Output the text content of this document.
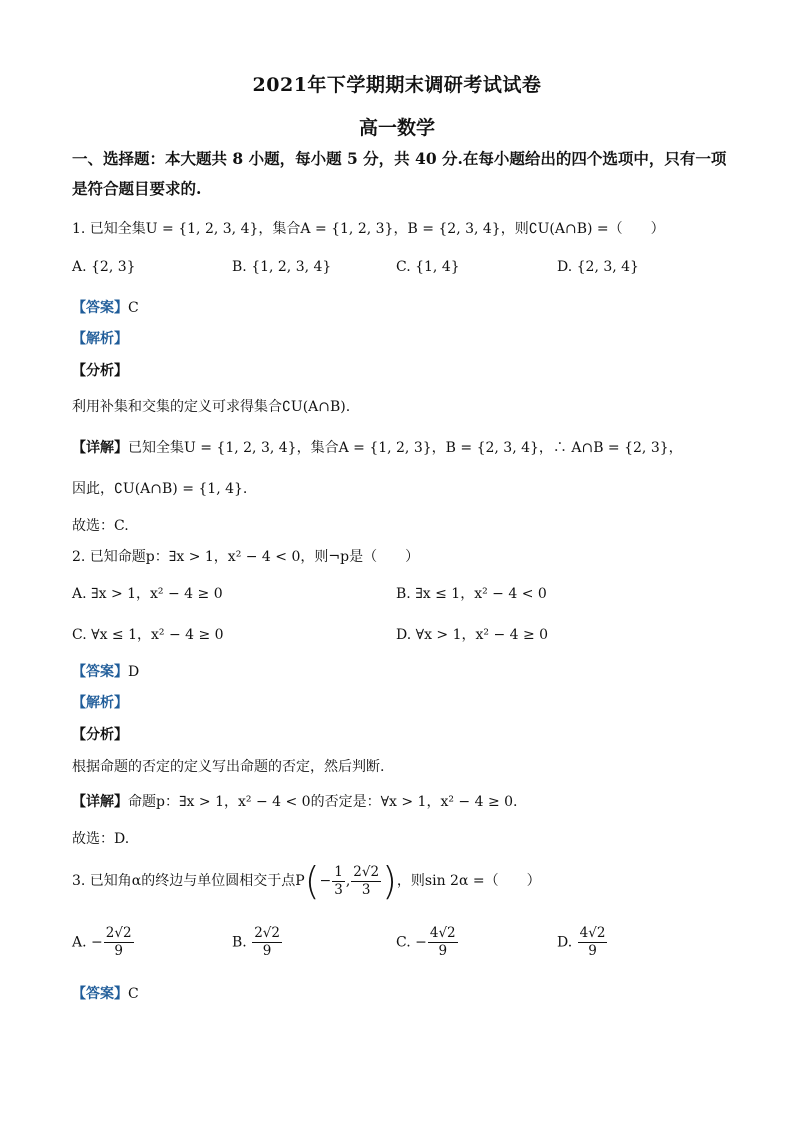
2021年下学期期末调研考试试卷
高一数学
一、选择题：本大题共 8 小题，每小题 5 分，共 40 分.在每小题给出的四个选项中，只有一项是符合题目要求的.
1. 已知全集U = {1, 2, 3, 4}，集合A = {1, 2, 3}，B = {2, 3, 4}，则∁U(A∩B) =（　　）
A. {2, 3}	B. {1, 2, 3, 4}	C. {1, 4}	D. {2, 3, 4}
【答案】C
【解析】
【分析】
利用补集和交集的定义可求得集合∁U(A∩B).
【详解】已知全集U = {1, 2, 3, 4}，集合A = {1, 2, 3}，B = {2, 3, 4}，∴ A∩B = {2, 3}，
因此，∁U(A∩B) = {1, 4}.
故选：C.
2. 已知命题p：∃x > 1，x² − 4 < 0，则¬p是（　　）
A. ∃x > 1，x² − 4 ≥ 0	B. ∃x ≤ 1，x² − 4 < 0
C. ∀x ≤ 1，x² − 4 ≥ 0	D. ∀x > 1，x² − 4 ≥ 0
【答案】D
【解析】
【分析】
根据命题的否定的定义写出命题的否定，然后判断.
【详解】命题p：∃x > 1，x² − 4 < 0的否定是：∀x > 1，x² − 4 ≥ 0.
故选：D.
3. 已知角α的终边与单位圆相交于点$P(- \frac{1}{3}$ , $\frac{2√2}{3}$ )，则sin 2α =（　　）
A. − $\frac{2√2}{9}$	B. $\frac{2√2}{9}$	C. − $\frac{4√2}{9}$	D. $\frac{4√2}{9}$
【答案】C
